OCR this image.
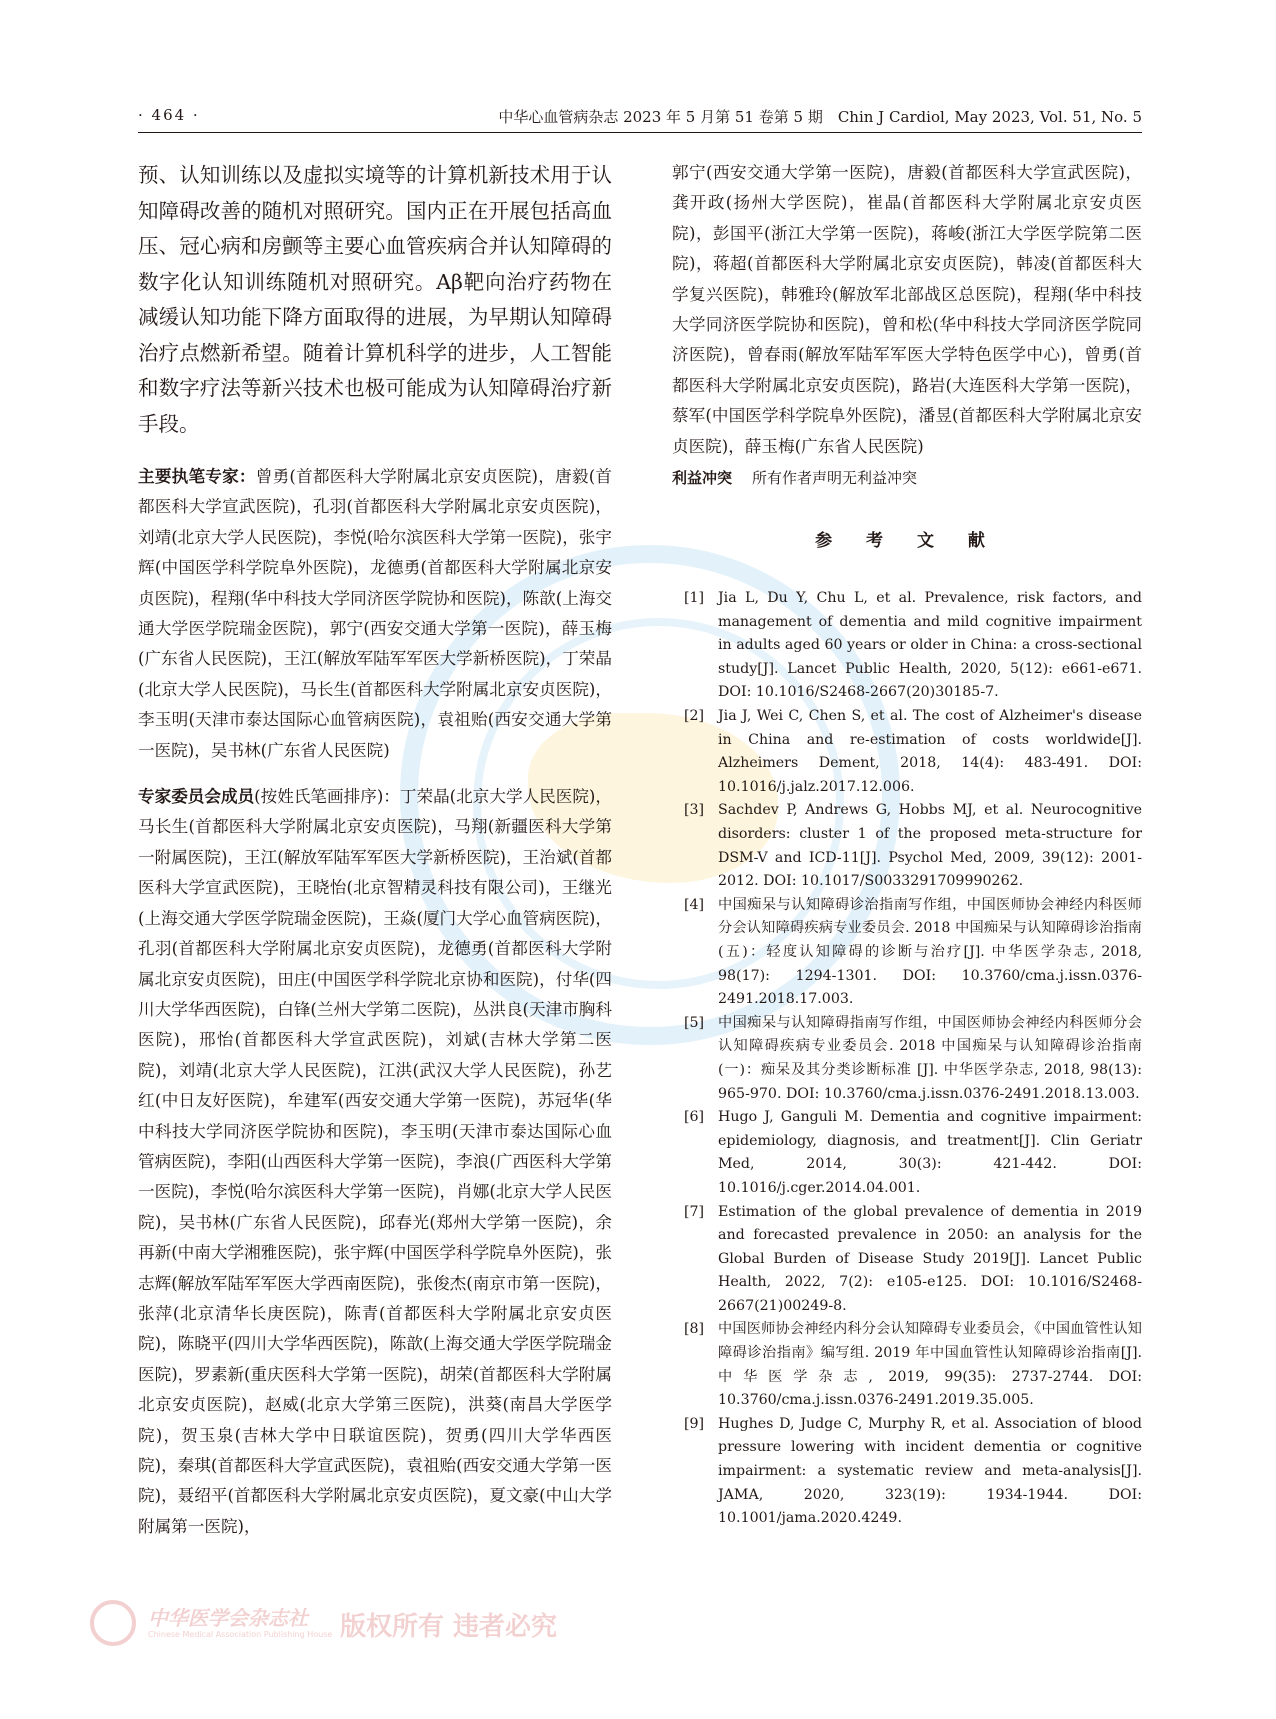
· 464 ·	中华心血管病杂志 2023 年 5 月第 51 卷第 5 期　Chin J Cardiol, May 2023, Vol. 51, No. 5

预、认知训练以及虚拟实境等的计算机新技术用于认知障碍改善的随机对照研究。国内正在开展包括高血压、冠心病和房颤等主要心血管疾病合并认知障碍的数字化认知训练随机对照研究。Aβ靶向治疗药物在减缓认知功能下降方面取得的进展，为早期认知障碍治疗点燃新希望。随着计算机科学的进步，人工智能和数字疗法等新兴技术也极可能成为认知障碍治疗新手段。

主要执笔专家：曾勇(首都医科大学附属北京安贞医院)，唐毅(首都医科大学宣武医院)，孔羽(首都医科大学附属北京安贞医院)，刘靖(北京大学人民医院)，李悦(哈尔滨医科大学第一医院)，张宇辉(中国医学科学院阜外医院)，龙德勇(首都医科大学附属北京安贞医院)，程翔(华中科技大学同济医学院协和医院)，陈歆(上海交通大学医学院瑞金医院)，郭宁(西安交通大学第一医院)，薛玉梅(广东省人民医院)，王江(解放军陆军军医大学新桥医院)，丁荣晶(北京大学人民医院)，马长生(首都医科大学附属北京安贞医院)，李玉明(天津市泰达国际心血管病医院)，袁祖贻(西安交通大学第一医院)，吴书林(广东省人民医院)

专家委员会成员(按姓氏笔画排序)：丁荣晶(北京大学人民医院)，马长生(首都医科大学附属北京安贞医院)，马翔(新疆医科大学第一附属医院)，王江(解放军陆军军医大学新桥医院)，王治斌(首都医科大学宣武医院)，王晓怡(北京智精灵科技有限公司)，王继光(上海交通大学医学院瑞金医院)，王焱(厦门大学心血管病医院)，孔羽(首都医科大学附属北京安贞医院)，龙德勇(首都医科大学附属北京安贞医院)，田庄(中国医学科学院北京协和医院)，付华(四川大学华西医院)，白锋(兰州大学第二医院)，丛洪良(天津市胸科医院)，邢怡(首都医科大学宣武医院)，刘斌(吉林大学第二医院)，刘靖(北京大学人民医院)，江洪(武汉大学人民医院)，孙艺红(中日友好医院)，牟建军(西安交通大学第一医院)，苏冠华(华中科技大学同济医学院协和医院)，李玉明(天津市泰达国际心血管病医院)，李阳(山西医科大学第一医院)，李浪(广西医科大学第一医院)，李悦(哈尔滨医科大学第一医院)，肖娜(北京大学人民医院)，吴书林(广东省人民医院)，邱春光(郑州大学第一医院)，余再新(中南大学湘雅医院)，张宇辉(中国医学科学院阜外医院)，张志辉(解放军陆军军医大学西南医院)，张俊杰(南京市第一医院)，张萍(北京清华长庚医院)，陈青(首都医科大学附属北京安贞医院)，陈晓平(四川大学华西医院)，陈歆(上海交通大学医学院瑞金医院)，罗素新(重庆医科大学第一医院)，胡荣(首都医科大学附属北京安贞医院)，赵威(北京大学第三医院)，洪葵(南昌大学医学院)，贺玉泉(吉林大学中日联谊医院)，贺勇(四川大学华西医院)，秦琪(首都医科大学宣武医院)，袁祖贻(西安交通大学第一医院)，聂绍平(首都医科大学附属北京安贞医院)，夏文豪(中山大学附属第一医院)，

郭宁(西安交通大学第一医院)，唐毅(首都医科大学宣武医院)，龚开政(扬州大学医院)，崔晶(首都医科大学附属北京安贞医院)，彭国平(浙江大学第一医院)，蒋峻(浙江大学医学院第二医院)，蒋超(首都医科大学附属北京安贞医院)，韩凌(首都医科大学复兴医院)，韩雅玲(解放军北部战区总医院)，程翔(华中科技大学同济医学院协和医院)，曾和松(华中科技大学同济医学院同济医院)，曾春雨(解放军陆军军医大学特色医学中心)，曾勇(首都医科大学附属北京安贞医院)，路岩(大连医科大学第一医院)，蔡军(中国医学科学院阜外医院)，潘昱(首都医科大学附属北京安贞医院)，薛玉梅(广东省人民医院)

利益冲突 所有作者声明无利益冲突
参 考 文 献
[1] Jia L, Du Y, Chu L, et al. Prevalence, risk factors, and management of dementia and mild cognitive impairment in adults aged 60 years or older in China: a cross-sectional study[J]. Lancet Public Health, 2020, 5(12): e661-e671. DOI: 10.1016/S2468-2667(20)30185-7.
[2] Jia J, Wei C, Chen S, et al. The cost of Alzheimer's disease in China and re-estimation of costs worldwide[J]. Alzheimers Dement, 2018, 14(4): 483-491. DOI: 10.1016/j.jalz.2017.12.006.
[3] Sachdev P, Andrews G, Hobbs MJ, et al. Neurocognitive disorders: cluster 1 of the proposed meta-structure for DSM-V and ICD-11[J]. Psychol Med, 2009, 39(12): 2001-2012. DOI: 10.1017/S0033291709990262.
[4] 中国痴呆与认知障碍诊治指南写作组，中国医师协会神经内科医师分会认知障碍疾病专业委员会. 2018 中国痴呆与认知障碍诊治指南(五)：轻度认知障碍的诊断与治疗[J]. 中华医学杂志, 2018, 98(17): 1294-1301. DOI: 10.3760/cma.j.issn.0376-2491.2018.17.003.
[5] 中国痴呆与认知障碍指南写作组，中国医师协会神经内科医师分会认知障碍疾病专业委员会. 2018 中国痴呆与认知障碍诊治指南(一)：痴呆及其分类诊断标准 [J]. 中华医学杂志, 2018, 98(13): 965-970. DOI: 10.3760/cma.j.issn.0376-2491.2018.13.003.
[6] Hugo J, Ganguli M. Dementia and cognitive impairment: epidemiology, diagnosis, and treatment[J]. Clin Geriatr Med, 2014, 30(3): 421-442. DOI: 10.1016/j.cger.2014.04.001.
[7] Estimation of the global prevalence of dementia in 2019 and forecasted prevalence in 2050: an analysis for the Global Burden of Disease Study 2019[J]. Lancet Public Health, 2022, 7(2): e105-e125. DOI: 10.1016/S2468-2667(21)00249-8.
[8] 中国医师协会神经内科分会认知障碍专业委员会，《中国血管性认知障碍诊治指南》编写组. 2019 年中国血管性认知障碍诊治指南[J]. 中华医学杂志, 2019, 99(35): 2737-2744. DOI: 10.3760/cma.j.issn.0376-2491.2019.35.005.
[9] Hughes D, Judge C, Murphy R, et al. Association of blood pressure lowering with incident dementia or cognitive impairment: a systematic review and meta-analysis[J]. JAMA, 2020, 323(19): 1934-1944. DOI: 10.1001/jama.2020.4249.
中华医学会杂志社
Chinese Medical Association Publishing House 版权所有 违者必究
